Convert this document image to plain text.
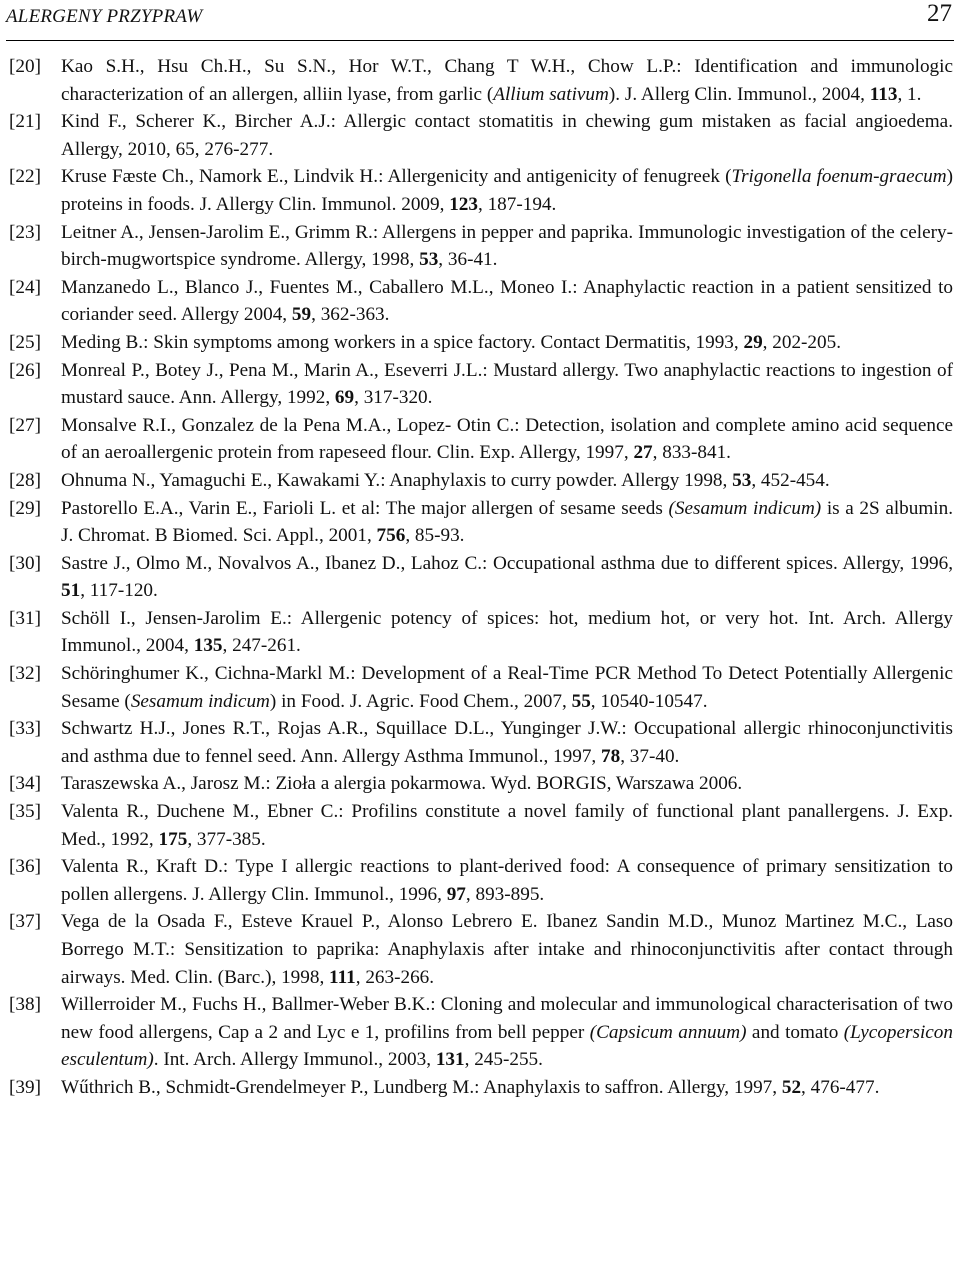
ALERGENY PRZYPRAW	27
[20] Kao S.H., Hsu Ch.H., Su S.N., Hor W.T., Chang T W.H., Chow L.P.: Identification and immunologic characterization of an allergen, alliin lyase, from garlic (Allium sativum). J. Allerg Clin. Immunol., 2004, 113, 1.
[21] Kind F., Scherer K., Bircher A.J.: Allergic contact stomatitis in chewing gum mistaken as facial angioedema. Allergy, 2010, 65, 276-277.
[22] Kruse Fæste Ch., Namork E., Lindvik H.: Allergenicity and antigenicity of fenugreek (Trigonella foenum-graecum) proteins in foods. J. Allergy Clin. Immunol. 2009, 123, 187-194.
[23] Leitner A., Jensen-Jarolim E., Grimm R.: Allergens in pepper and paprika. Immunologic investigation of the celery-birch-mugwortspice syndrome. Allergy, 1998, 53, 36-41.
[24] Manzanedo L., Blanco J., Fuentes M., Caballero M.L., Moneo I.: Anaphylactic reaction in a patient sensitized to coriander seed. Allergy 2004, 59, 362-363.
[25] Meding B.: Skin symptoms among workers in a spice factory. Contact Dermatitis, 1993, 29, 202-205.
[26] Monreal P., Botey J., Pena M., Marin A., Eseverri J.L.: Mustard allergy. Two anaphylactic reactions to ingestion of mustard sauce. Ann. Allergy, 1992, 69, 317-320.
[27] Monsalve R.I., Gonzalez de la Pena M.A., Lopez- Otin C.: Detection, isolation and complete amino acid sequence of an aeroallergenic protein from rapeseed flour. Clin. Exp. Allergy, 1997, 27, 833-841.
[28] Ohnuma N., Yamaguchi E., Kawakami Y.: Anaphylaxis to curry powder. Allergy 1998, 53, 452-454.
[29] Pastorello E.A., Varin E., Farioli L. et al: The major allergen of sesame seeds (Sesamum indicum) is a 2S albumin. J. Chromat. B Biomed. Sci. Appl., 2001, 756, 85-93.
[30] Sastre J., Olmo M., Novalvos A., Ibanez D., Lahoz C.: Occupational asthma due to different spices. Allergy, 1996, 51, 117-120.
[31] Schöll I., Jensen-Jarolim E.: Allergenic potency of spices: hot, medium hot, or very hot. Int. Arch. Allergy Immunol., 2004, 135, 247-261.
[32] Schöringhumer K., Cichna-Markl M.: Development of a Real-Time PCR Method To Detect Potentially Allergenic Sesame (Sesamum indicum) in Food. J. Agric. Food Chem., 2007, 55, 10540-10547.
[33] Schwartz H.J., Jones R.T., Rojas A.R., Squillace D.L., Yunginger J.W.: Occupational allergic rhinoconjunctivitis and asthma due to fennel seed. Ann. Allergy Asthma Immunol., 1997, 78, 37-40.
[34] Taraszewska A., Jarosz M.: Zioła a alergia pokarmowa. Wyd. BORGIS, Warszawa 2006.
[35] Valenta R., Duchene M., Ebner C.: Profilins constitute a novel family of functional plant panallergens. J. Exp. Med., 1992, 175, 377-385.
[36] Valenta R., Kraft D.: Type I allergic reactions to plant-derived food: A consequence of primary sensitization to pollen allergens. J. Allergy Clin. Immunol., 1996, 97, 893-895.
[37] Vega de la Osada F., Esteve Krauel P., Alonso Lebrero E. Ibanez Sandin M.D., Munoz Martinez M.C., Laso Borrego M.T.: Sensitization to paprika: Anaphylaxis after intake and rhinoconjunctivitis after contact through airways. Med. Clin. (Barc.), 1998, 111, 263-266.
[38] Willerroider M., Fuchs H., Ballmer-Weber B.K.: Cloning and molecular and immunological characterisation of two new food allergens, Cap a 2 and Lyc e 1, profilins from bell pepper (Capsicum annuum) and tomato (Lycopersicon esculentum). Int. Arch. Allergy Immunol., 2003, 131, 245-255.
[39] Wűthrich B., Schmidt-Grendelmeyer P., Lundberg M.: Anaphylaxis to saffron. Allergy, 1997, 52, 476-477.
